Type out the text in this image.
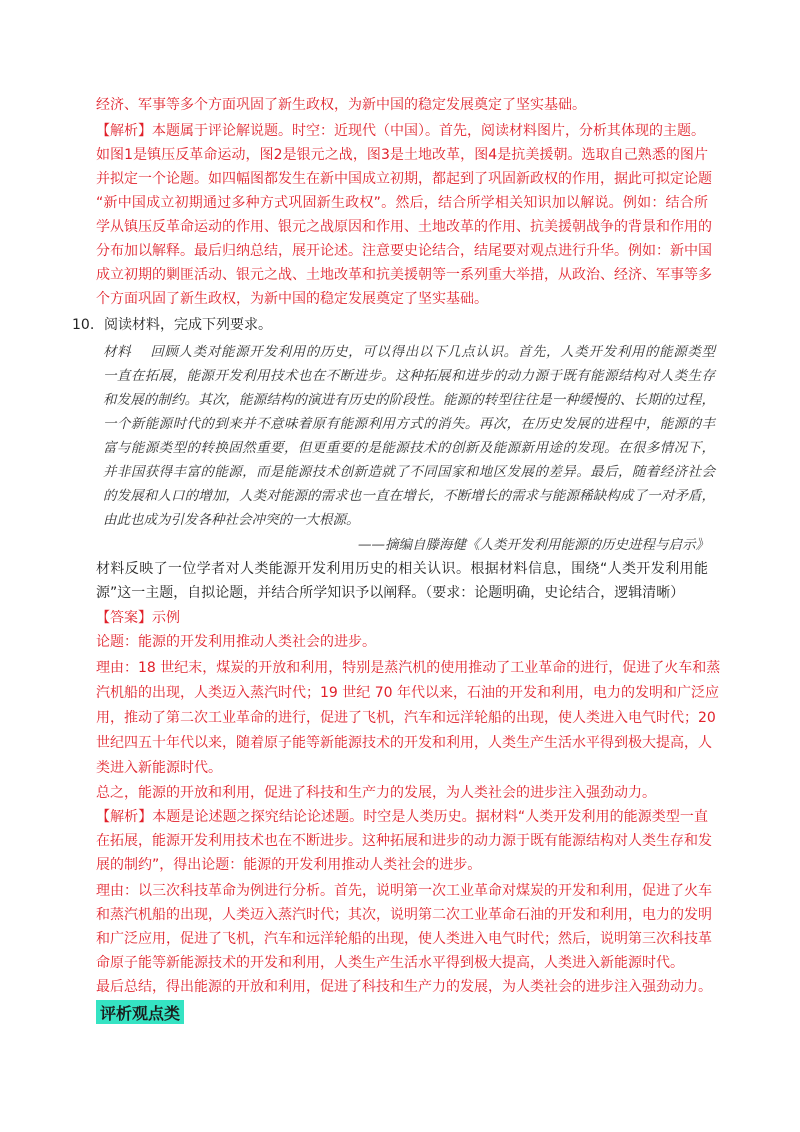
经济、军事等多个方面巩固了新生政权，为新中国的稳定发展奠定了坚实基础。
【解析】本题属于评论解说题。时空：近现代（中国）。首先，阅读材料图片，分析其体现的主题。
如图1是镇压反革命运动，图2是银元之战，图3是土地改革，图4是抗美援朝。选取自己熟悉的图片
并拟定一个论题。如四幅图都发生在新中国成立初期，都起到了巩固新政权的作用，据此可拟定论题
“新中国成立初期通过多种方式巩固新生政权”。然后，结合所学相关知识加以解说。例如：结合所
学从镇压反革命运动的作用、银元之战原因和作用、土地改革的作用、抗美援朝战争的背景和作用的
分布加以解释。最后归纳总结，展开论述。注意要史论结合，结尾要对观点进行升华。例如：新中国
成立初期的剿匪活动、银元之战、土地改革和抗美援朝等一系列重大举措，从政治、经济、军事等多
个方面巩固了新生政权，为新中国的稳定发展奠定了坚实基础。
10. 阅读材料，完成下列要求。
材料　 回顾人类对能源开发利用的历史，可以得出以下几点认识。首先，人类开发利用的能源类型
一直在拓展，能源开发利用技术也在不断进步。这种拓展和进步的动力源于既有能源结构对人类生存
和发展的制约。其次，能源结构的演进有历史的阶段性。能源的转型往往是一种缓慢的、长期的过程，
一个新能源时代的到来并不意味着原有能源利用方式的消失。再次，在历史发展的进程中，能源的丰
富与能源类型的转换固然重要，但更重要的是能源技术的创新及能源新用途的发现。在很多情况下，
并非国获得丰富的能源，而是能源技术创新造就了不同国家和地区发展的差异。最后，随着经济社会
的发展和人口的增加，人类对能源的需求也一直在增长，不断增长的需求与能源稀缺构成了一对矛盾，
由此也成为引发各种社会冲突的一大根源。
——摘编自滕海健《人类开发利用能源的历史进程与启示》
材料反映了一位学者对人类能源开发利用历史的相关认识。根据材料信息，围绕“人类开发利用能
源”这一主题，自拟论题，并结合所学知识予以阐释。（要求：论题明确，史论结合，逻辑清晰）
【答案】示例
论题：能源的开发利用推动人类社会的进步。
理由：18 世纪末，煤炭的开放和利用，特别是蒸汽机的使用推动了工业革命的进行，促进了火车和蒸
汽机船的出现，人类迈入蒸汽时代；19 世纪 70 年代以来，石油的开发和利用，电力的发明和广泛应
用，推动了第二次工业革命的进行，促进了飞机，汽车和远洋轮船的出现，使人类进入电气时代；20
世纪四五十年代以来，随着原子能等新能源技术的开发和利用，人类生产生活水平得到极大提高，人
类进入新能源时代。
总之，能源的开放和利用，促进了科技和生产力的发展，为人类社会的进步注入强劲动力。
【解析】本题是论述题之探究结论论述题。时空是人类历史。据材料“人类开发利用的能源类型一直
在拓展，能源开发利用技术也在不断进步。这种拓展和进步的动力源于既有能源结构对人类生存和发
展的制约”，得出论题：能源的开发利用推动人类社会的进步。
理由：以三次科技革命为例进行分析。首先，说明第一次工业革命对煤炭的开发和利用，促进了火车
和蒸汽机船的出现，人类迈入蒸汽时代；其次，说明第二次工业革命石油的开发和利用，电力的发明
和广泛应用，促进了飞机，汽车和远洋轮船的出现，使人类进入电气时代；然后，说明第三次科技革
命原子能等新能源技术的开发和利用，人类生产生活水平得到极大提高，人类进入新能源时代。
最后总结，得出能源的开放和利用，促进了科技和生产力的发展，为人类社会的进步注入强劲动力。
评析观点类
